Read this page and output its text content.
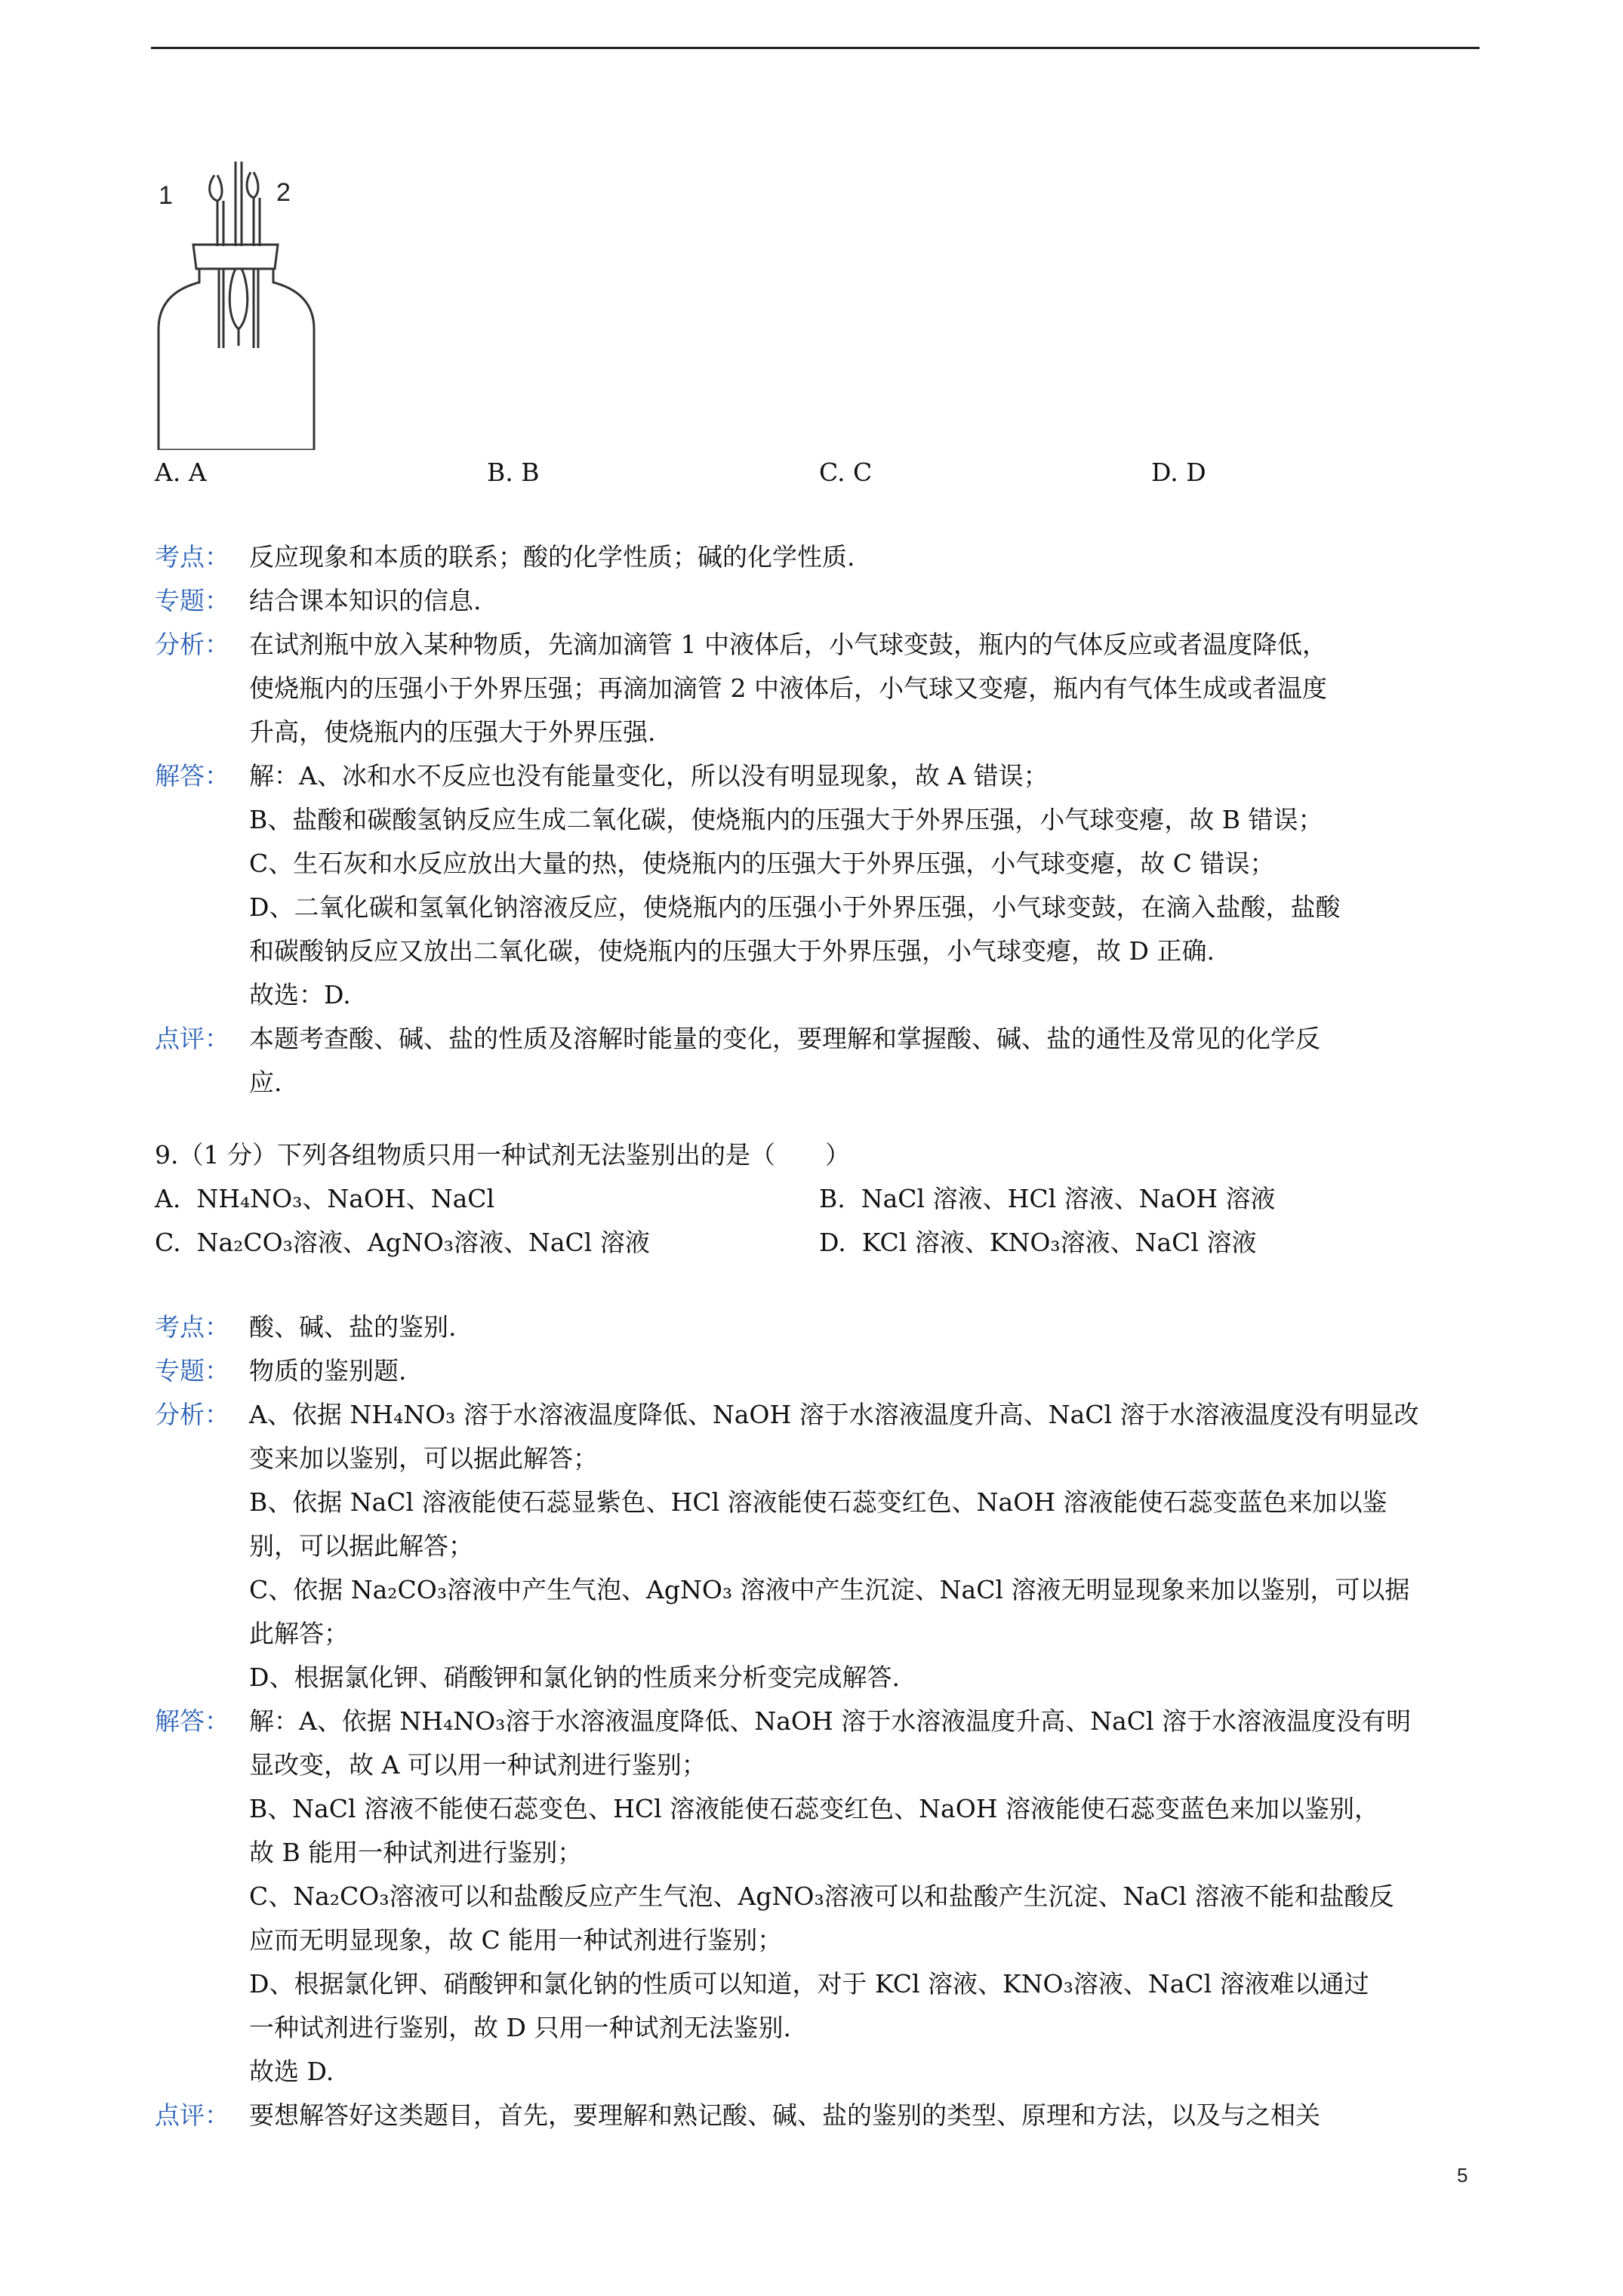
1	2
A. A	B. B	C. C	D. D
考点： 反应现象和本质的联系；酸的化学性质；碱的化学性质.
专题： 结合课本知识的信息.
分析： 在试剂瓶中放入某种物质，先滴加滴管 1 中液体后，小气球变鼓，瓶内的气体反应或者温度降低，
使烧瓶内的压强小于外界压强；再滴加滴管 2 中液体后，小气球又变瘪，瓶内有气体生成或者温度
升高，使烧瓶内的压强大于外界压强.
解答： 解：A、冰和水不反应也没有能量变化，所以没有明显现象，故 A 错误；
B、盐酸和碳酸氢钠反应生成二氧化碳，使烧瓶内的压强大于外界压强，小气球变瘪，故 B 错误；
C、生石灰和水反应放出大量的热，使烧瓶内的压强大于外界压强，小气球变瘪，故 C 错误；
D、二氧化碳和氢氧化钠溶液反应，使烧瓶内的压强小于外界压强，小气球变鼓，在滴入盐酸，盐酸
和碳酸钠反应又放出二氧化碳，使烧瓶内的压强大于外界压强，小气球变瘪，故 D 正确.
故选：D.
点评： 本题考查酸、碱、盐的性质及溶解时能量的变化，要理解和掌握酸、碱、盐的通性及常见的化学反
应.
9.（1 分）下列各组物质只用一种试剂无法鉴别出的是（　　）
A. NH₄NO₃、NaOH、NaCl	B. NaCl 溶液、HCl 溶液、NaOH 溶液
C. Na₂CO₃溶液、AgNO₃溶液、NaCl 溶液	D. KCl 溶液、KNO₃溶液、NaCl 溶液
考点： 酸、碱、盐的鉴别.
专题： 物质的鉴别题.
分析： A、依据 NH₄NO₃ 溶于水溶液温度降低、NaOH 溶于水溶液温度升高、NaCl 溶于水溶液温度没有明显改
变来加以鉴别，可以据此解答；
B、依据 NaCl 溶液能使石蕊显紫色、HCl 溶液能使石蕊变红色、NaOH 溶液能使石蕊变蓝色来加以鉴
别，可以据此解答；
C、依据 Na₂CO₃溶液中产生气泡、AgNO₃ 溶液中产生沉淀、NaCl 溶液无明显现象来加以鉴别，可以据
此解答；
D、根据氯化钾、硝酸钾和氯化钠的性质来分析变完成解答.
解答： 解：A、依据 NH₄NO₃溶于水溶液温度降低、NaOH 溶于水溶液温度升高、NaCl 溶于水溶液温度没有明
显改变，故 A 可以用一种试剂进行鉴别；
B、NaCl 溶液不能使石蕊变色、HCl 溶液能使石蕊变红色、NaOH 溶液能使石蕊变蓝色来加以鉴别，
故 B 能用一种试剂进行鉴别；
C、Na₂CO₃溶液可以和盐酸反应产生气泡、AgNO₃溶液可以和盐酸产生沉淀、NaCl 溶液不能和盐酸反
应而无明显现象，故 C 能用一种试剂进行鉴别；
D、根据氯化钾、硝酸钾和氯化钠的性质可以知道，对于 KCl 溶液、KNO₃溶液、NaCl 溶液难以通过
一种试剂进行鉴别，故 D 只用一种试剂无法鉴别.
故选 D.
点评： 要想解答好这类题目，首先，要理解和熟记酸、碱、盐的鉴别的类型、原理和方法，以及与之相关
5
